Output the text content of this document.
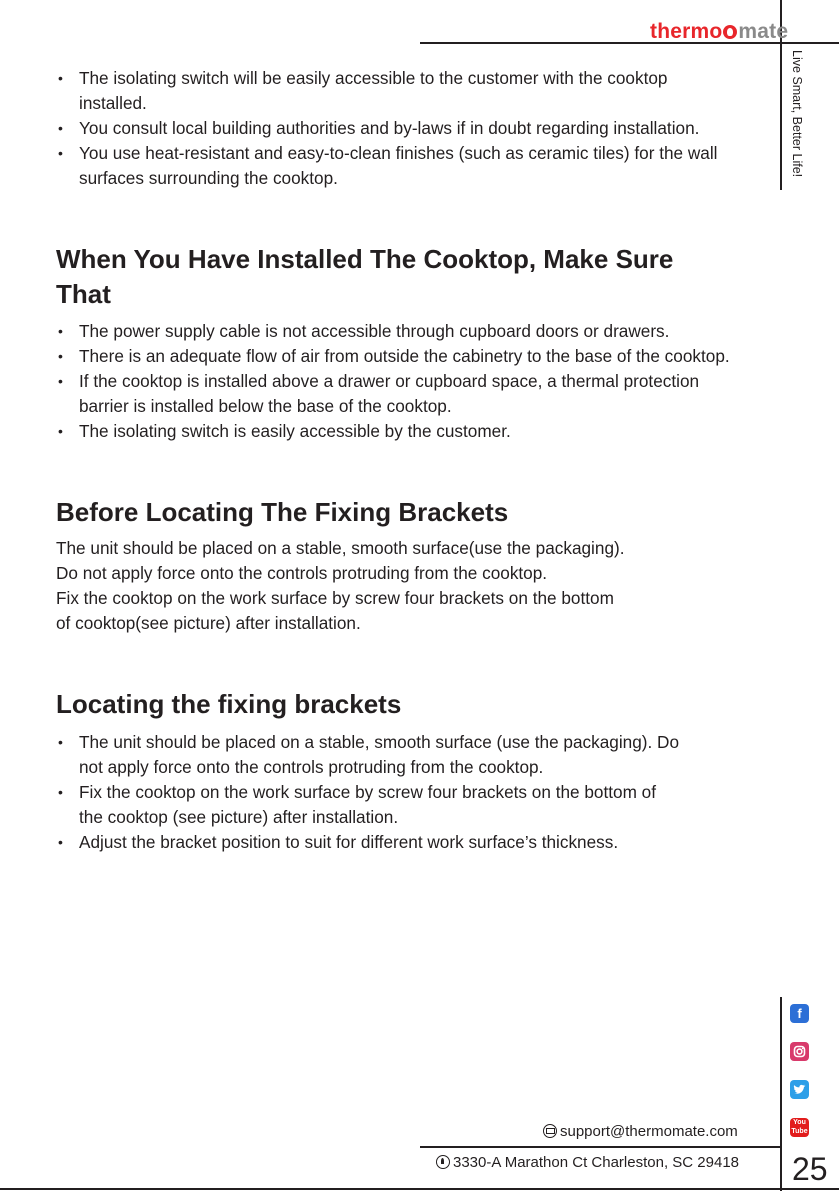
thermo mate
Live Smart, Better Life!
• The isolating switch will be easily accessible to the customer with the cooktop installed.
• You consult local building authorities and by-laws if in doubt regarding installation.
• You use heat-resistant and easy-to-clean finishes (such as ceramic tiles) for the wall surfaces surrounding the cooktop.
When You Have Installed The Cooktop, Make Sure That
• The power supply cable is not accessible through cupboard doors or drawers.
• There is an adequate flow of air from outside the cabinetry to the base of the cooktop.
• If the cooktop is installed above a drawer or cupboard space, a thermal protection barrier is installed below the base of the cooktop.
• The isolating switch is easily accessible by the customer.
Before Locating The Fixing Brackets

The unit should be placed on a stable, smooth surface(use the packaging).

Do not apply force onto the controls protruding from the cooktop.

Fix the cooktop on the work surface by screw four brackets on the bottom

of cooktop(see picture) after installation.

Locating the fixing brackets
• The unit should be placed on a stable, smooth surface (use the packaging). Do not apply force onto the controls protruding from the cooktop.
• Fix the cooktop on the work surface by screw four brackets on the bottom of the cooktop (see picture) after installation.
• Adjust the bracket position to suit for different work surface’s thickness.
f
You Tube
support@thermomate.com
3330-A Marathon Ct Charleston, SC 29418 25
